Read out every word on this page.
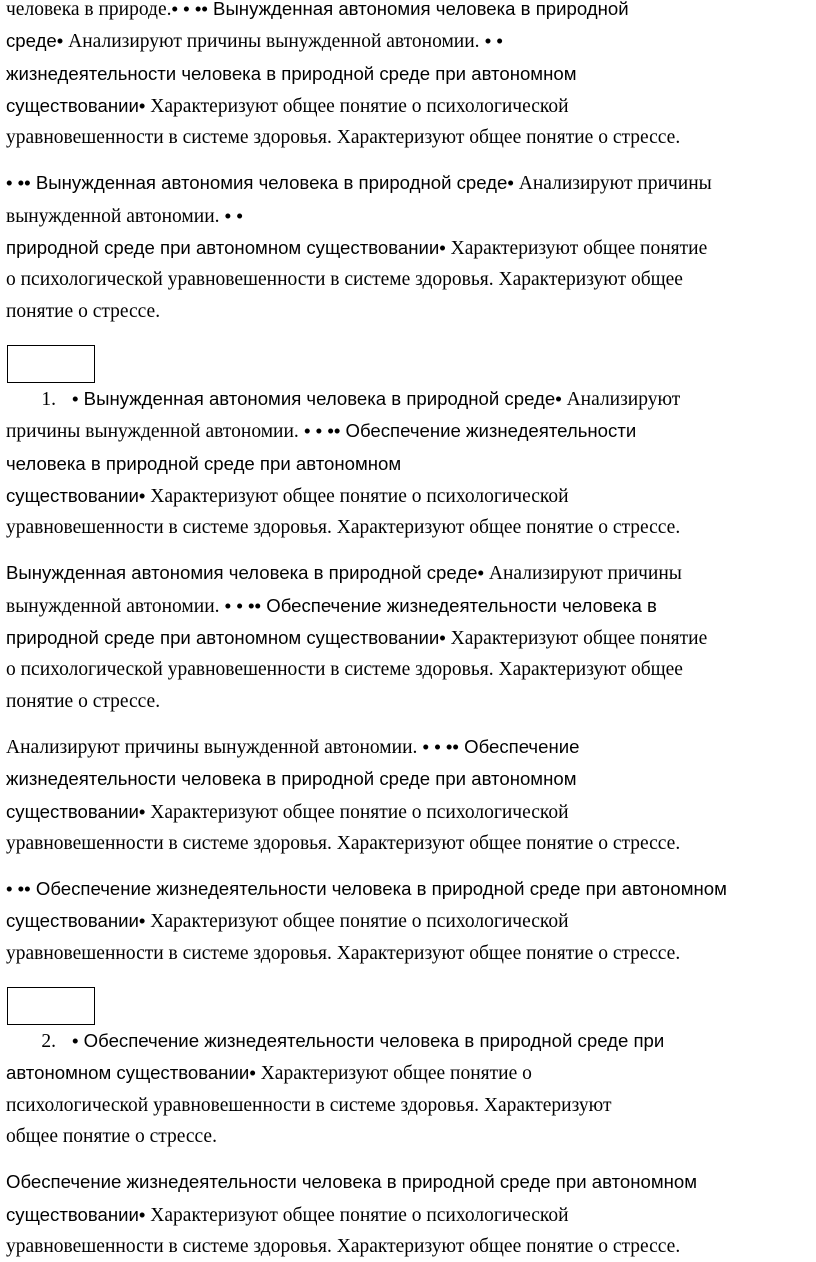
человека в природе.• • •• Вынужденная автономия человека в природной
среде• Анализируют причины вынужденной автономии. • •
жизнедеятельности человека в природной среде при автономном
существовании• Характеризуют общее понятие о психологической
уравновешенности в системе здоровья. Характеризуют общее понятие о стрессе.
• •• Вынужденная автономия человека в природной среде• Анализируют причины
вынужденной автономии. • •
природной среде при автономном существовании• Характеризуют общее понятие
о психологической уравновешенности в системе здоровья. Характеризуют общее
понятие о стрессе.
1. • Вынужденная автономия человека в природной среде• Анализируют
причины вынужденной автономии. • • •• Обеспечение жизнедеятельности
человека в природной среде при автономном
существовании• Характеризуют общее понятие о психологической
уравновешенности в системе здоровья. Характеризуют общее понятие о стрессе.
Вынужденная автономия человека в природной среде• Анализируют причины
вынужденной автономии. • • •• Обеспечение жизнедеятельности человека в
природной среде при автономном существовании• Характеризуют общее понятие
о психологической уравновешенности в системе здоровья. Характеризуют общее
понятие о стрессе.
Анализируют причины вынужденной автономии. • • •• Обеспечение
жизнедеятельности человека в природной среде при автономном
существовании• Характеризуют общее понятие о психологической
уравновешенности в системе здоровья. Характеризуют общее понятие о стрессе.
• •• Обеспечение жизнедеятельности человека в природной среде при автономном
существовании• Характеризуют общее понятие о психологической
уравновешенности в системе здоровья. Характеризуют общее понятие о стрессе.
2. • Обеспечение жизнедеятельности человека в природной среде при
автономном существовании• Характеризуют общее понятие о
психологической уравновешенности в системе здоровья. Характеризуют
общее понятие о стрессе.
Обеспечение жизнедеятельности человека в природной среде при автономном
существовании• Характеризуют общее понятие о психологической
уравновешенности в системе здоровья. Характеризуют общее понятие о стрессе.
